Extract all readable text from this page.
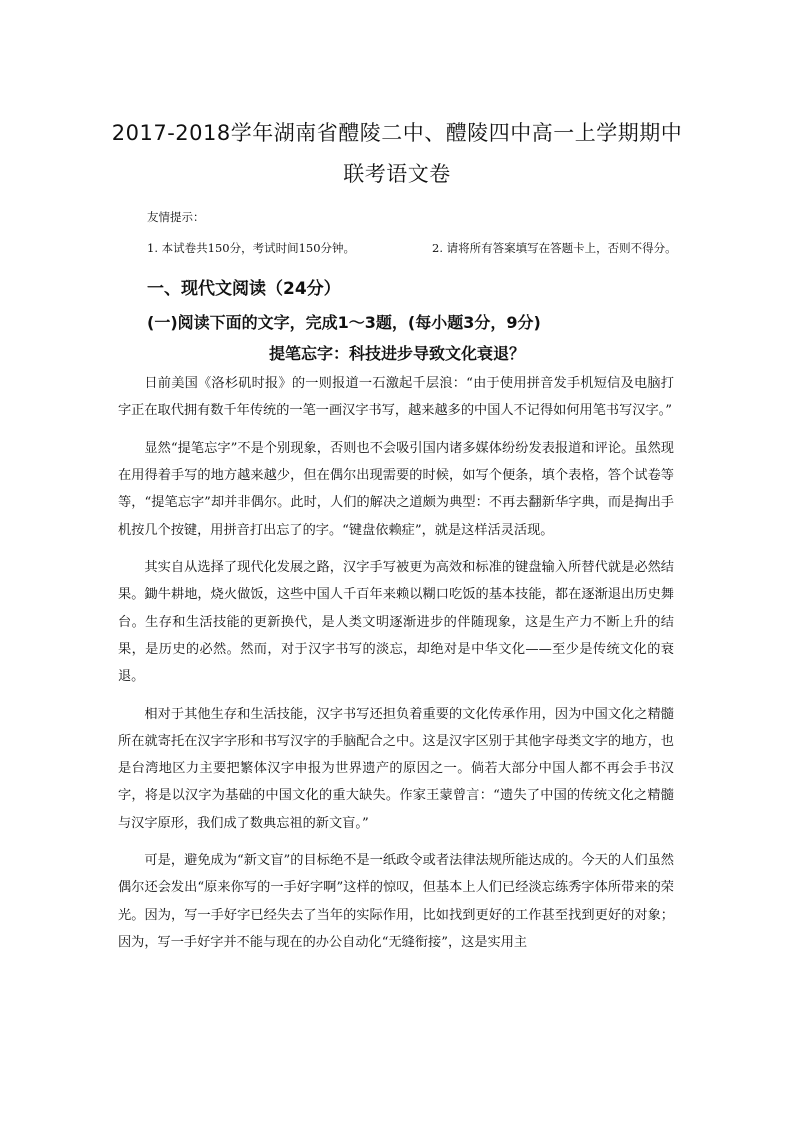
2017-2018学年湖南省醴陵二中、醴陵四中高一上学期期中
联考语文卷
友情提示：
1. 本试卷共150分，考试时间150分钟。	2. 请将所有答案填写在答题卡上，否则不得分。
一、现代文阅读（24分）
(一)阅读下面的文字，完成1～3题，(每小题3分，9分)
提笔忘字：科技进步导致文化衰退？

日前美国《洛杉矶时报》的一则报道一石激起千层浪：“由于使用拼音发手机短信及电脑打字正在取代拥有数千年传统的一笔一画汉字书写，越来越多的中国人不记得如何用笔书写汉字。”

显然“提笔忘字”不是个别现象，否则也不会吸引国内诸多媒体纷纷发表报道和评论。虽然现在用得着手写的地方越来越少，但在偶尔出现需要的时候，如写个便条，填个表格，答个试卷等等，“提笔忘字”却并非偶尔。此时，人们的解决之道颇为典型：不再去翻新华字典，而是掏出手机按几个按键，用拼音打出忘了的字。“键盘依赖症”，就是这样活灵活现。

其实自从选择了现代化发展之路，汉字手写被更为高效和标准的键盘输入所替代就是必然结果。鋤牛耕地，烧火做饭，这些中国人千百年来赖以糊口吃饭的基本技能，都在逐渐退出历史舞台。生存和生活技能的更新换代，是人类文明逐渐进步的伴随现象，这是生产力不断上升的结果，是历史的必然。然而，对于汉字书写的淡忘，却绝对是中华文化——至少是传统文化的衰退。

相对于其他生存和生活技能，汉字书写还担负着重要的文化传承作用，因为中国文化之精髓所在就寄托在汉字字形和书写汉字的手脑配合之中。这是汉字区别于其他字母类文字的地方，也是台湾地区力主要把繁体汉字申报为世界遗产的原因之一。倘若大部分中国人都不再会手书汉字，将是以汉字为基础的中国文化的重大缺失。作家王蒙曾言：“遗失了中国的传统文化之精髓与汉字原形，我们成了数典忘祖的新文盲。”

可是，避免成为“新文盲”的目标绝不是一纸政令或者法律法规所能达成的。今天的人们虽然偶尔还会发出“原来你写的一手好字啊”这样的惊叹，但基本上人们已经淡忘练秀字体所带来的荣光。因为，写一手好字已经失去了当年的实际作用，比如找到更好的工作甚至找到更好的对象；因为，写一手好字并不能与现在的办公自动化“无缝衔接”，这是实用主
